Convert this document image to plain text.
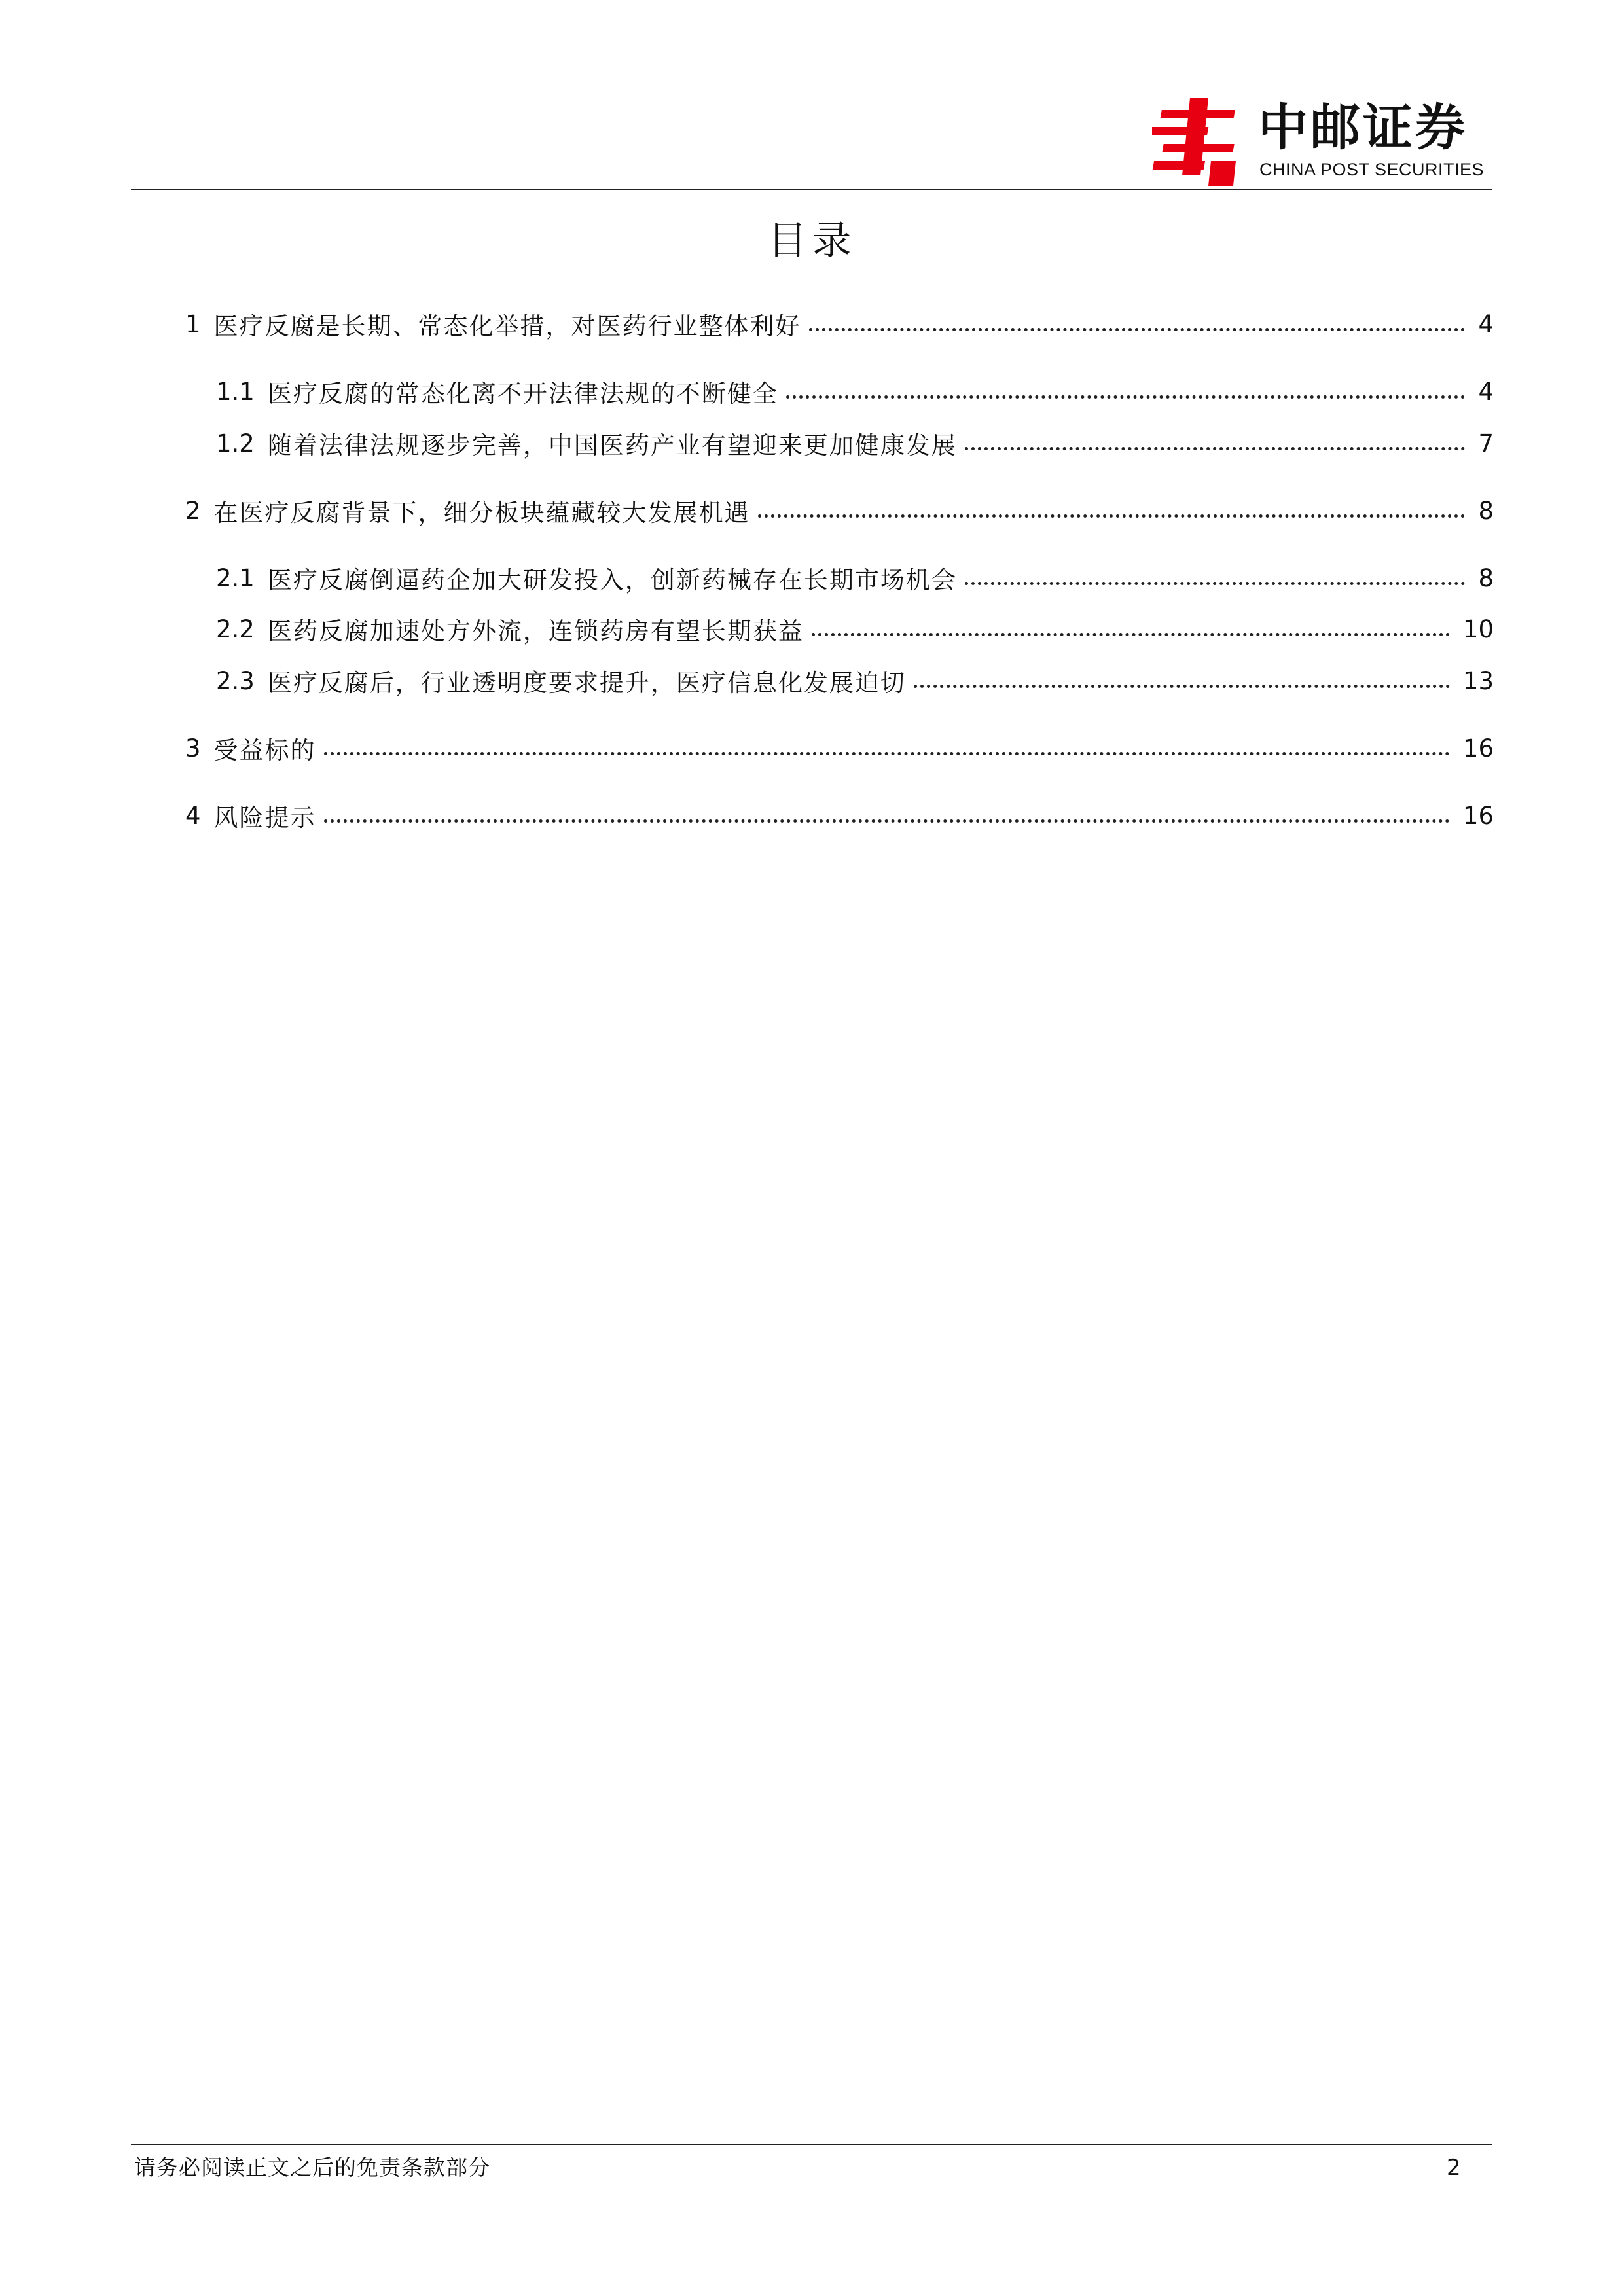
中邮证券
CHINA POST SECURITIES
目录
1 医疗反腐是长期、常态化举措，对医药行业整体利好	4
1.1 医疗反腐的常态化离不开法律法规的不断健全	4
1.2 随着法律法规逐步完善，中国医药产业有望迎来更加健康发展	7
2 在医疗反腐背景下，细分板块蕴藏较大发展机遇	8
2.1 医疗反腐倒逼药企加大研发投入，创新药械存在长期市场机会	8
2.2 医药反腐加速处方外流，连锁药房有望长期获益	10
2.3 医疗反腐后，行业透明度要求提升，医疗信息化发展迫切	13
3 受益标的	16
4 风险提示	16
请务必阅读正文之后的免责条款部分	2
